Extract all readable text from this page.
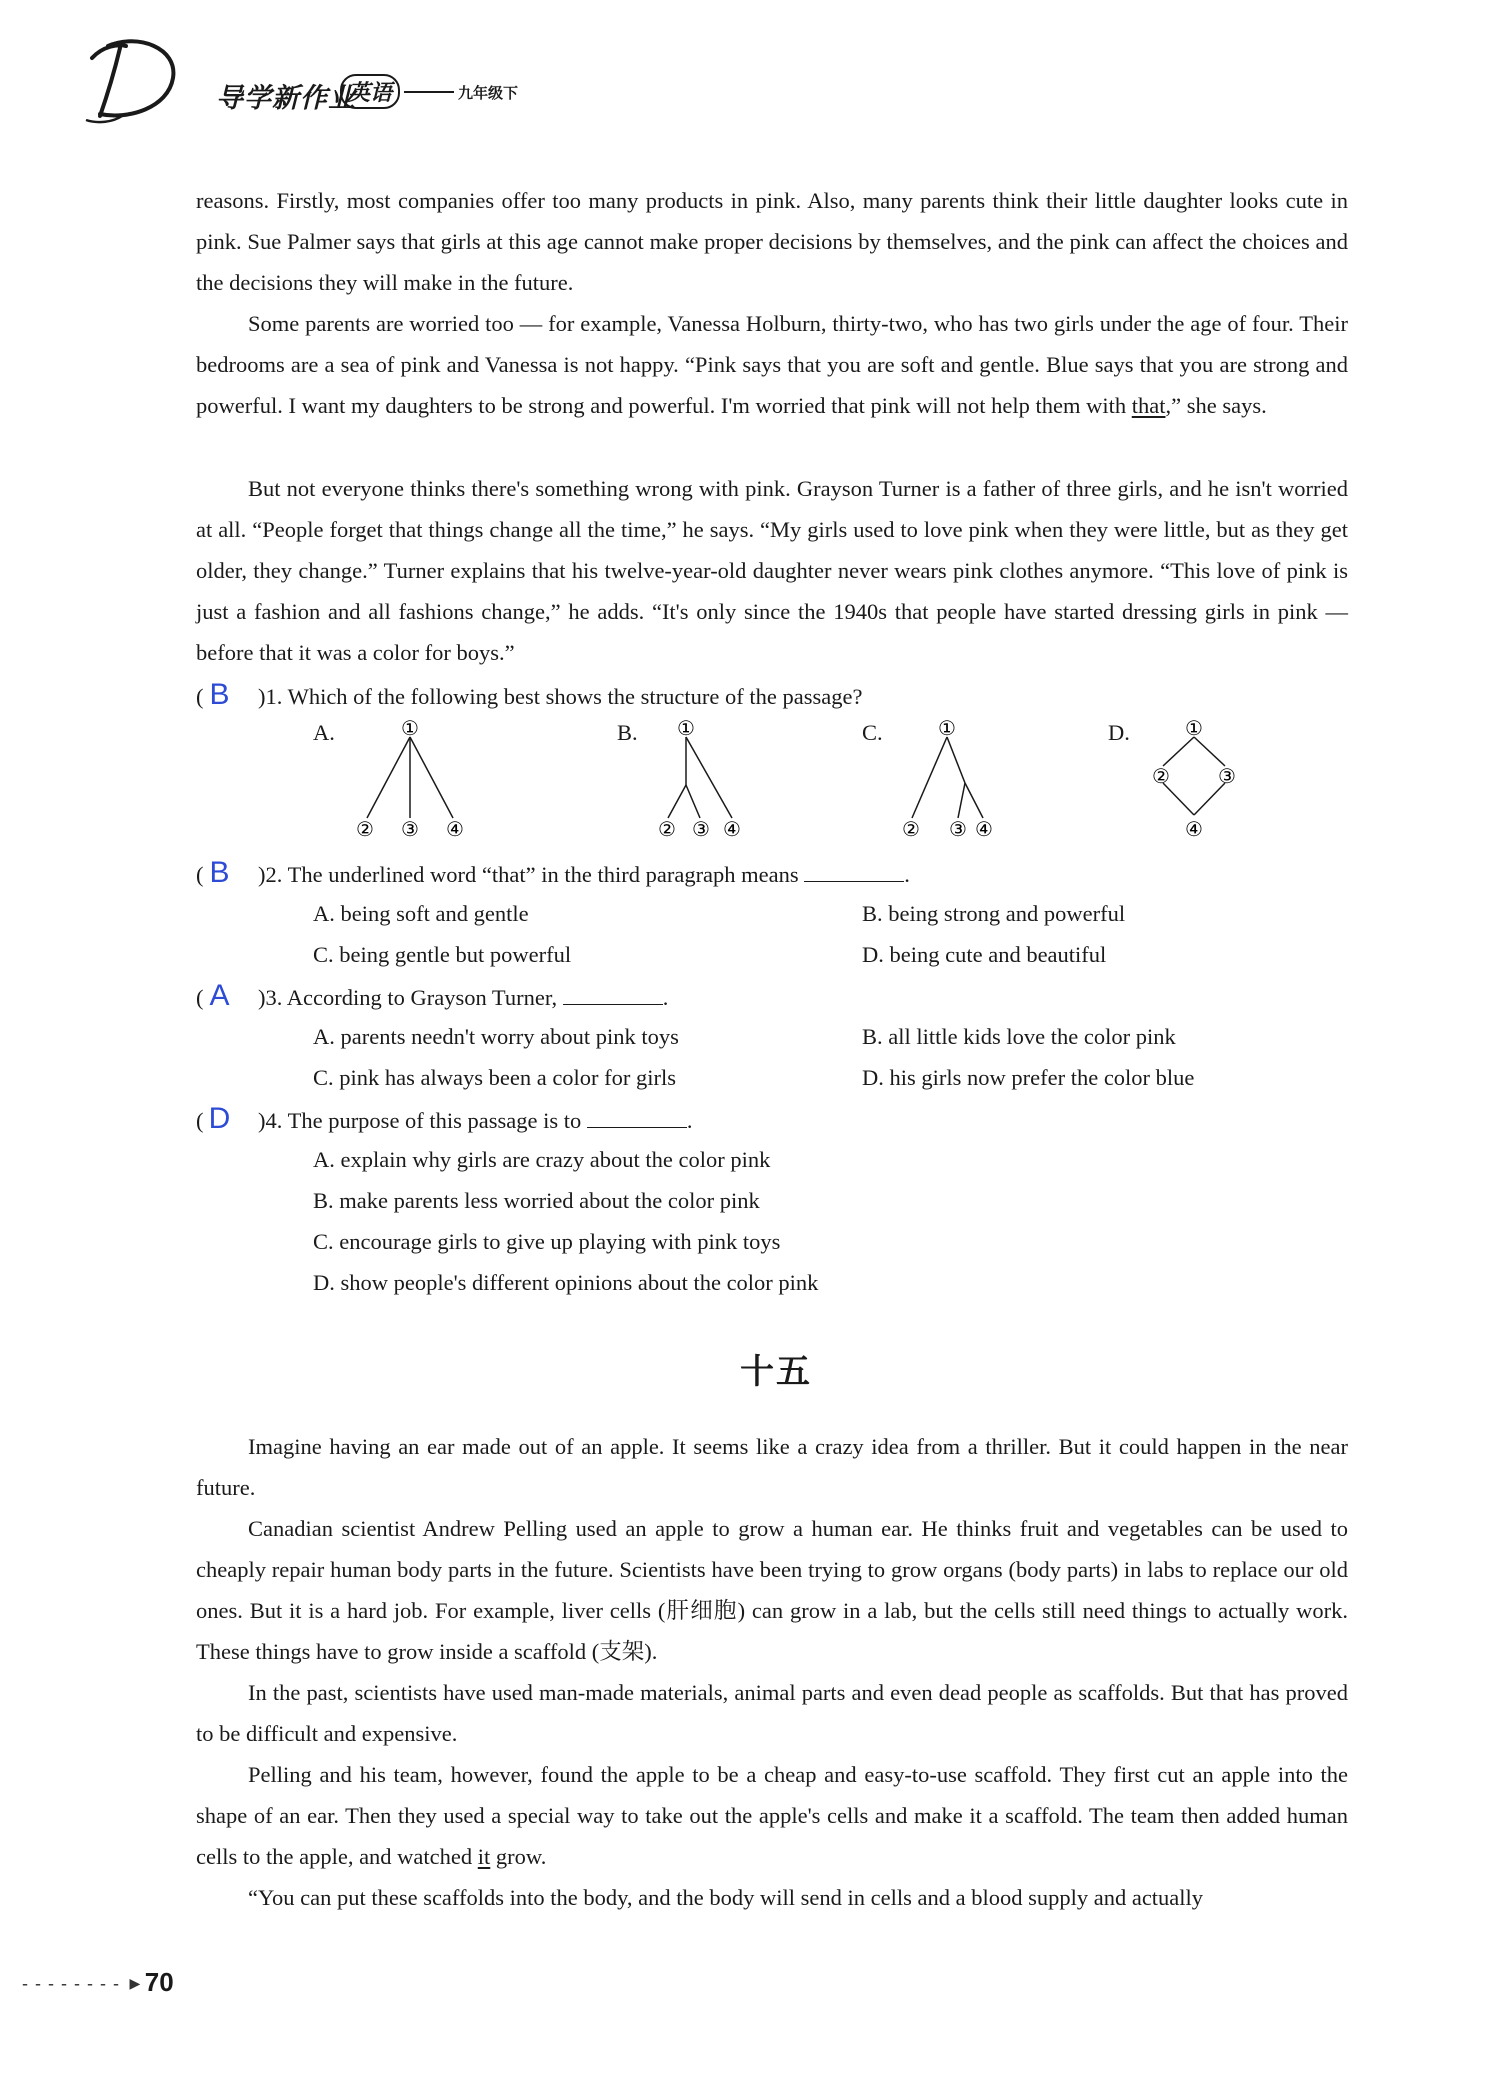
导学新作业
英语	九年级下

reasons. Firstly, most companies offer too many products in pink. Also, many parents think their little daughter looks cute in pink. Sue Palmer says that girls at this age cannot make proper decisions by themselves, and the pink can affect the choices and the decisions they will make in the future.

Some parents are worried too — for example, Vanessa Holburn, thirty-two, who has two girls under the age of four. Their bedrooms are a sea of pink and Vanessa is not happy. “Pink says that you are soft and gentle. Blue says that you are strong and powerful. I want my daughters to be strong and powerful. I'm worried that pink will not help them with that,” she says.

But not everyone thinks there's something wrong with pink. Grayson Turner is a father of three girls, and he isn't worried at all. “People forget that things change all the time,” he says. “My girls used to love pink when they were little, but as they get older, they change.” Turner explains that his twelve-year-old daughter never wears pink clothes anymore. “This love of pink is just a fashion and all fashions change,” he adds. “It's only since the 1940s that people have started dressing girls in pink — before that it was a color for boys.”

( B )1. Which of the following best shows the structure of the passage?
A.	B.	C.	D.
①
② ③ ④
①
② ③ ④
①
② ③ ④
①
② ③
④
( B )2. The underlined word “that” in the third paragraph means	.
A. being soft and gentle	B. being strong and powerful
C. being gentle but powerful	D. being cute and beautiful
( A )3. According to Grayson Turner,	.
A. parents needn't worry about pink toys	B. all little kids love the color pink
C. pink has always been a color for girls	D. his girls now prefer the color blue
( D )4. The purpose of this passage is to	.
A. explain why girls are crazy about the color pink
B. make parents less worried about the color pink
C. encourage girls to give up playing with pink toys
D. show people's different opinions about the color pink
十五

Imagine having an ear made out of an apple. It seems like a crazy idea from a thriller. But it could happen in the near future.

Canadian scientist Andrew Pelling used an apple to grow a human ear. He thinks fruit and vegetables can be used to cheaply repair human body parts in the future. Scientists have been trying to grow organs (body parts) in labs to replace our old ones. But it is a hard job. For example, liver cells (肝细胞) can grow in a lab, but the cells still need things to actually work. These things have to grow inside a scaffold (支架).

In the past, scientists have used man-made materials, animal parts and even dead people as scaffolds. But that has proved to be difficult and expensive.

Pelling and his team, however, found the apple to be a cheap and easy-to-use scaffold. They first cut an apple into the shape of an ear. Then they used a special way to take out the apple's cells and make it a scaffold. The team then added human cells to the apple, and watched it grow.

“You can put these scaffolds into the body, and the body will send in cells and a blood supply and actually

- - - - - - - - ►70
